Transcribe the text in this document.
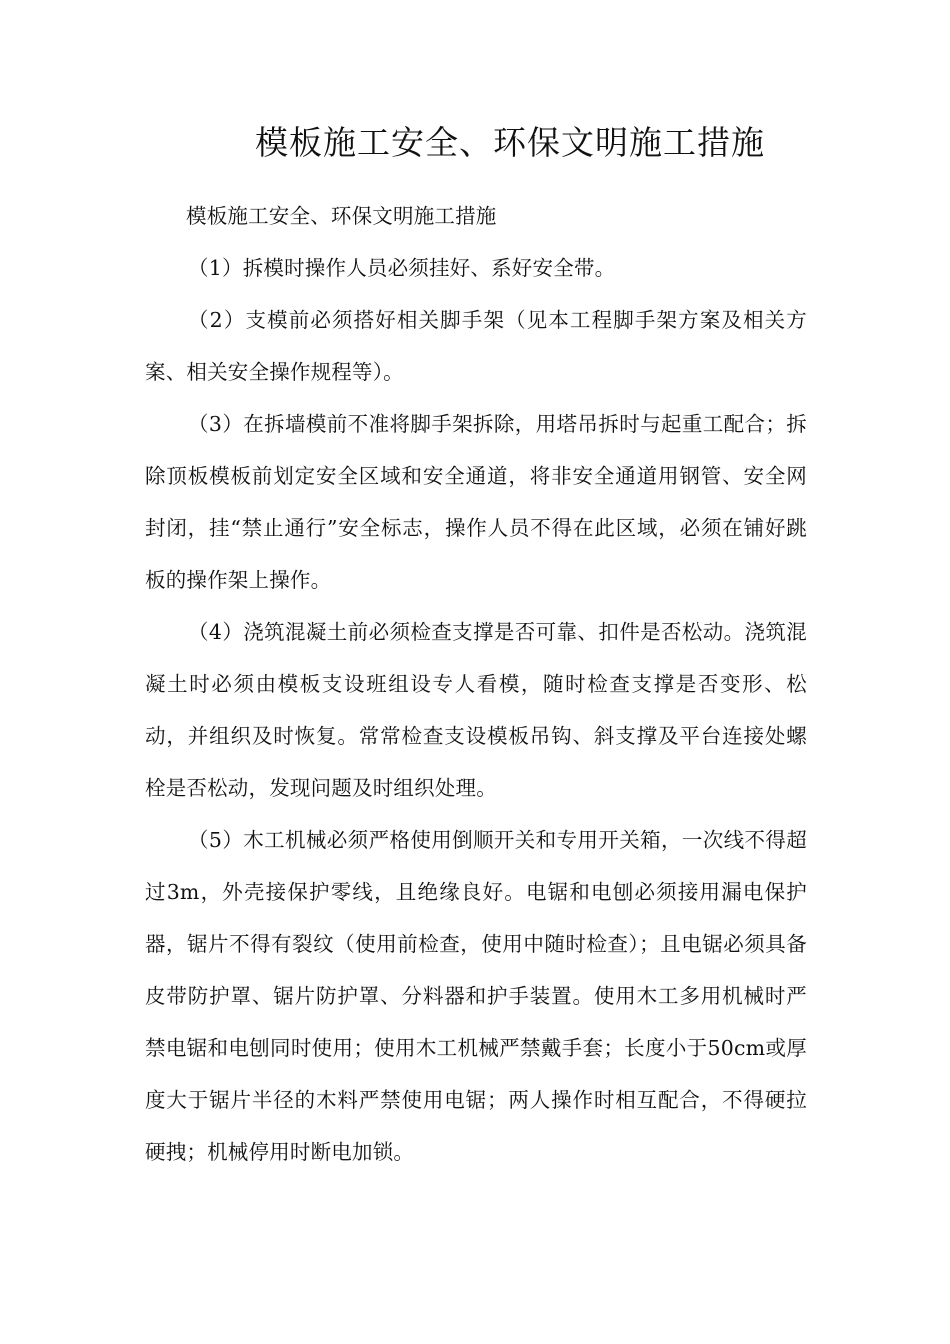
模板施工安全、环保文明施工措施

模板施工安全、环保文明施工措施

（1）拆模时操作人员必须挂好、系好安全带。

（2）支模前必须搭好相关脚手架（见本工程脚手架方案及相关方案、相关安全操作规程等）。

（3）在拆墙模前不准将脚手架拆除，用塔吊拆时与起重工配合；拆除顶板模板前划定安全区域和安全通道，将非安全通道用钢管、安全网封闭，挂“禁止通行”安全标志，操作人员不得在此区域，必须在铺好跳板的操作架上操作。

（4）浇筑混凝土前必须检查支撑是否可靠、扣件是否松动。浇筑混凝土时必须由模板支设班组设专人看模，随时检查支撑是否变形、松动，并组织及时恢复。常常检查支设模板吊钩、斜支撑及平台连接处螺栓是否松动，发现问题及时组织处理。

（5）木工机械必须严格使用倒顺开关和专用开关箱，一次线不得超过3m，外壳接保护零线，且绝缘良好。电锯和电刨必须接用漏电保护器，锯片不得有裂纹（使用前检查，使用中随时检查）；且电锯必须具备皮带防护罩、锯片防护罩、分料器和护手装置。使用木工多用机械时严禁电锯和电刨同时使用；使用木工机械严禁戴手套；长度小于50cm或厚度大于锯片半径的木料严禁使用电锯；两人操作时相互配合，不得硬拉硬拽；机械停用时断电加锁。
